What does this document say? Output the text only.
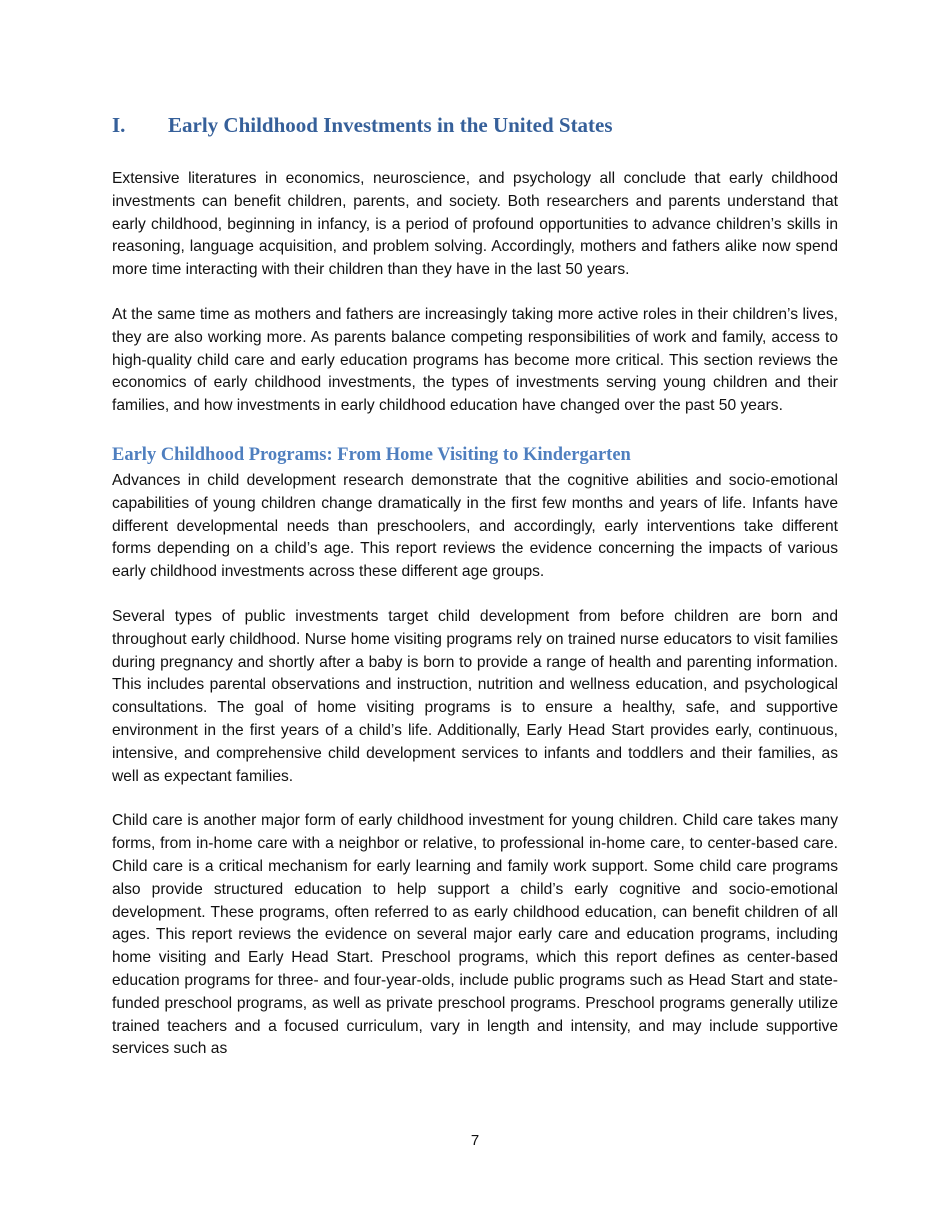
I.	Early Childhood Investments in the United States

Extensive literatures in economics, neuroscience, and psychology all conclude that early childhood investments can benefit children, parents, and society. Both researchers and parents understand that early childhood, beginning in infancy, is a period of profound opportunities to advance children’s skills in reasoning, language acquisition, and problem solving. Accordingly, mothers and fathers alike now spend more time interacting with their children than they have in the last 50 years.

At the same time as mothers and fathers are increasingly taking more active roles in their children’s lives, they are also working more. As parents balance competing responsibilities of work and family, access to high-quality child care and early education programs has become more critical. This section reviews the economics of early childhood investments, the types of investments serving young children and their families, and how investments in early childhood education have changed over the past 50 years.

Early Childhood Programs: From Home Visiting to Kindergarten

Advances in child development research demonstrate that the cognitive abilities and socio-emotional capabilities of young children change dramatically in the first few months and years of life. Infants have different developmental needs than preschoolers, and accordingly, early interventions take different forms depending on a child’s age. This report reviews the evidence concerning the impacts of various early childhood investments across these different age groups.

Several types of public investments target child development from before children are born and throughout early childhood. Nurse home visiting programs rely on trained nurse educators to visit families during pregnancy and shortly after a baby is born to provide a range of health and parenting information. This includes parental observations and instruction, nutrition and wellness education, and psychological consultations. The goal of home visiting programs is to ensure a healthy, safe, and supportive environment in the first years of a child’s life. Additionally, Early Head Start provides early, continuous, intensive, and comprehensive child development services to infants and toddlers and their families, as well as expectant families.

Child care is another major form of early childhood investment for young children. Child care takes many forms, from in-home care with a neighbor or relative, to professional in-home care, to center-based care. Child care is a critical mechanism for early learning and family work support. Some child care programs also provide structured education to help support a child’s early cognitive and socio-emotional development. These programs, often referred to as early childhood education, can benefit children of all ages. This report reviews the evidence on several major early care and education programs, including home visiting and Early Head Start. Preschool programs, which this report defines as center-based education programs for three- and four-year-olds, include public programs such as Head Start and state-funded preschool programs, as well as private preschool programs. Preschool programs generally utilize trained teachers and a focused curriculum, vary in length and intensity, and may include supportive services such as

7
